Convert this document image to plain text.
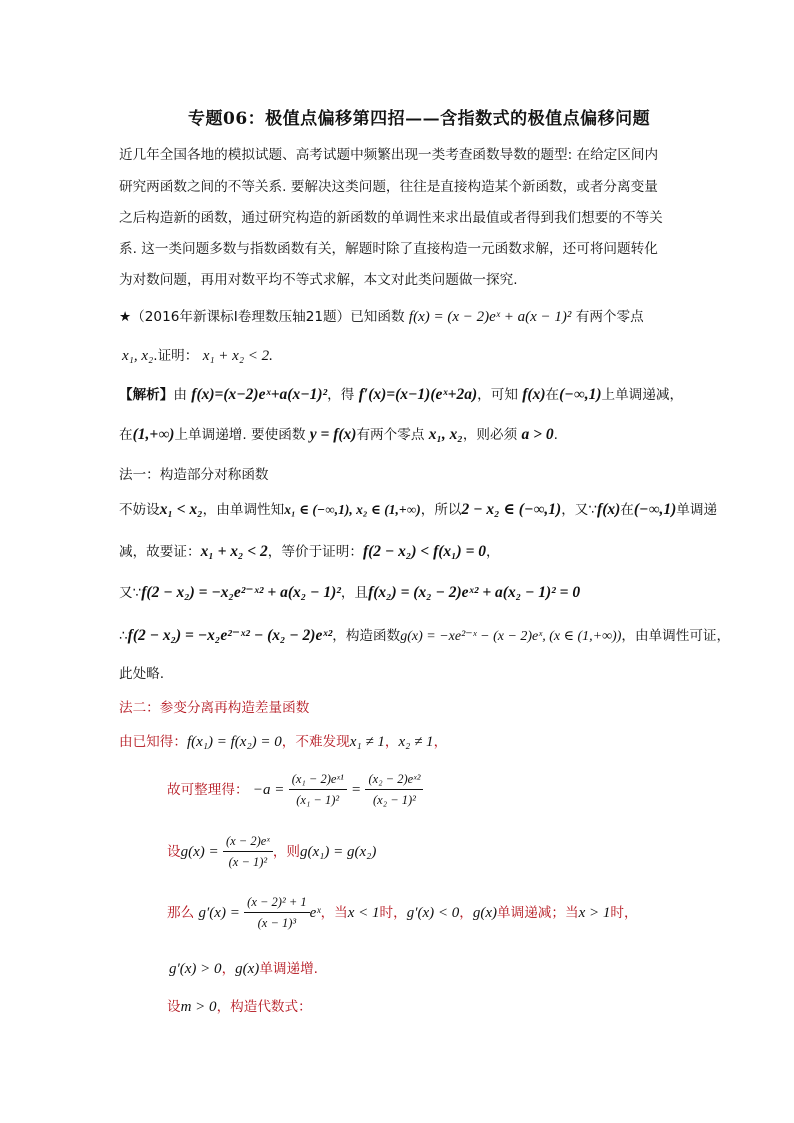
专题06：极值点偏移第四招——含指数式的极值点偏移问题
近几年全国各地的模拟试题、高考试题中频繁出现一类考查函数导数的题型: 在给定区间内
研究两函数之间的不等关系. 要解决这类问题，往往是直接构造某个新函数，或者分离变量
之后构造新的函数，通过研究构造的新函数的单调性来求出最值或者得到我们想要的不等关
系. 这一类问题多数与指数函数有关，解题时除了直接构造一元函数求解，还可将问题转化
为对数问题，再用对数平均不等式求解，本文对此类问题做一探究.
★（2016年新课标Ⅰ卷理数压轴21题）已知函数 f(x) = (x − 2)eˣ + a(x − 1)² 有两个零点
x₁, x₂.证明： x₁ + x₂ < 2.
【解析】由 f(x)=(x−2)eˣ+a(x−1)²，得 f′(x)=(x−1)(eˣ+2a)，可知 f(x)在(−∞,1)上单调递减，
在(1,+∞)上单调递增. 要使函数 y = f(x)有两个零点 x₁, x₂，则必须 a > 0.
法一：构造部分对称函数
不妨设x₁ < x₂，由单调性知x₁ ∈ (−∞,1), x₂ ∈ (1,+∞)，所以2 − x₂ ∈ (−∞,1)，又∵f(x)在(−∞,1)单调递
减，故要证：x₁ + x₂ < 2，等价于证明：f(2 − x₂) < f(x₁) = 0，
又∵f(2 − x₂) = −x₂e²⁻ˣ² + a(x₂ − 1)²，且f(x₂) = (x₂ − 2)eˣ² + a(x₂ − 1)² = 0
∴f(2 − x₂) = −x₂e²⁻ˣ² − (x₂ − 2)eˣ²，构造函数g(x) = −xe²⁻ˣ − (x − 2)eˣ, (x ∈ (1,+∞))，由单调性可证，
此处略.
法二：参变分离再构造差量函数
由已知得：f(x₁) = f(x₂) = 0，不难发现x₁ ≠ 1，x₂ ≠ 1，
故可整理得： $-a = \frac{\text{(x₁ − 2)eˣ¹}}{\text{(x₁ − 1)²}} = \frac{\text{(x₂ − 2)eˣ²}}{\text{(x₂ − 1)²}}$
设$g(x) = \frac{\text{(x − 2)eˣ}}{\text{(x − 1)²}}$ ，则g(x₁) = g(x₂)
那么 $g'(x) = \frac{\text{(x − 2)² + 1}}{\text{(x − 1)³}}$ eˣ，当x < 1时，g′(x) < 0，g(x)单调递减；当x > 1时，
g′(x) > 0，g(x)单调递增.
设m > 0，构造代数式：
